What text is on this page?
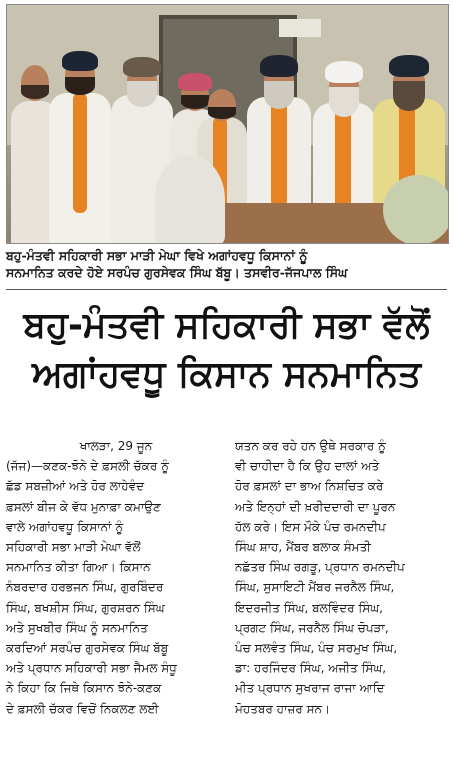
ਬਹੁ-ਮੰਤਵੀ ਸਹਿਕਾਰੀ ਸਭਾ ਮਾੜੀ ਮੇਘਾ ਵਿਖੇ ਅਗਾਂਹਵਧੂ ਕਿਸਾਨਾਂ ਨੂੰ
ਸਨਮਾਨਿਤ ਕਰਦੇ ਹੋਏ ਸਰਪੰਚ ਗੁਰਸੇਵਕ ਸਿੰਘ ਬੱਬੂ। ਤਸਵੀਰ-ਜੱਜਪਾਲ ਸਿੰਘ
ਬਹੁ-ਮੰਤਵੀ ਸਹਿਕਾਰੀ ਸਭਾ ਵੱਲੋਂ
ਅਗਾਂਹਵਧੂ ਕਿਸਾਨ ਸਨਮਾਨਿਤ
ਖਾਲੜਾ, 29 ਜੂਨ
(ਜੱਜ)—ਕਣਕ-ਝੋਨੇ ਦੇ ਫ਼ਸਲੀ ਚੱਕਰ ਨੂੰ
ਛੱਡ ਸਬਜ਼ੀਆਂ ਅਤੇ ਹੋਰ ਲਾਹੇਵੰਦ
ਫ਼ਸਲਾਂ ਬੀਜ ਕੇ ਵੱਧ ਮੁਨਾਫ਼ਾ ਕਮਾਉਣ
ਵਾਲੇ ਅਗਾਂਹਵਧੂ ਕਿਸਾਨਾਂ ਨੂੰ
ਸਹਿਕਾਰੀ ਸਭਾ ਮਾੜੀ ਮੇਘਾ ਵੱਲੋਂ
ਸਨਮਾਨਿਤ ਕੀਤਾ ਗਿਆ। ਕਿਸਾਨ
ਨੰਬਰਦਾਰ ਹਰਭਜਨ ਸਿੰਘ, ਗੁਰਬਿੰਦਰ
ਸਿੰਘ, ਬਖਸ਼ੀਸ ਸਿੰਘ, ਗੁਰਸ਼ਰਨ ਸਿੰਘ
ਅਤੇ ਸੁਖਬੀਰ ਸਿੰਘ ਨੂੰ ਸਨਮਾਨਿਤ
ਕਰਦਿਆਂ ਸਰਪੰਚ ਗੁਰਸੇਵਕ ਸਿੰਘ ਬੱਬੂ
ਅਤੇ ਪ੍ਰਧਾਨ ਸਹਿਕਾਰੀ ਸਭਾ ਜੈਮਲ ਸੰਧੂ
ਨੇ ਕਿਹਾ ਕਿ ਜਿਥੇ ਕਿਸਾਨ ਝੋਨੇ-ਕਣਕ
ਦੇ ਫ਼ਸਲੀ ਚੱਕਰ ਵਿਚੋਂ ਨਿਕਲਣ ਲਈ
ਯਤਨ ਕਰ ਰਹੇ ਹਨ ਉਥੇ ਸਰਕਾਰ ਨੂੰ
ਵੀ ਚਾਹੀਦਾ ਹੈ ਕਿ ਉਹ ਦਾਲਾਂ ਅਤੇ
ਹੋਰ ਫ਼ਸਲਾਂ ਦਾ ਭਾਅ ਨਿਸ਼ਚਿਤ ਕਰੇ
ਅਤੇ ਇਨ੍ਹਾਂ ਦੀ ਖ਼ਰੀਦਦਾਰੀ ਦਾ ਪੂਰਨ
ਹੱਲ ਕਰੇ। ਇਸ ਮੌਕੇ ਪੰਚ ਰਮਨਦੀਪ
ਸਿੰਘ ਸ਼ਾਹ, ਮੈਂਬਰ ਬਲਾਕ ਸੰਮਤੀ
ਨਛੱਤਰ ਸਿੰਘ ਰਗੜੂ, ਪ੍ਰਧਾਨ ਰਮਨਦੀਪ
ਸਿੰਘ, ਸੁਸਾਇਟੀ ਮੈਂਬਰ ਜਰਨੈਲ ਸਿੰਘ,
ਇਦਰਜੀਤ ਸਿੰਘ, ਬਲਵਿੰਦਰ ਸਿੰਘ,
ਪ੍ਰਗਟ ਸਿੰਘ, ਜਰਨੈਲ ਸਿੰਘ ਚੋਪੜਾ,
ਪੰਚ ਸਲਵੰਤ ਸਿੰਘ, ਪੰਚ ਸਰਮੁਖ ਸਿੰਘ,
ਡਾ: ਹਰਜਿੰਦਰ ਸਿੰਘ, ਅਜੀਤ ਸਿੰਘ,
ਮੀਤ ਪ੍ਰਧਾਨ ਸੁਖਰਾਜ ਰਾਜਾ ਆਦਿ
ਮੋਹਤਬਰ ਹਾਜ਼ਰ ਸਨ।
